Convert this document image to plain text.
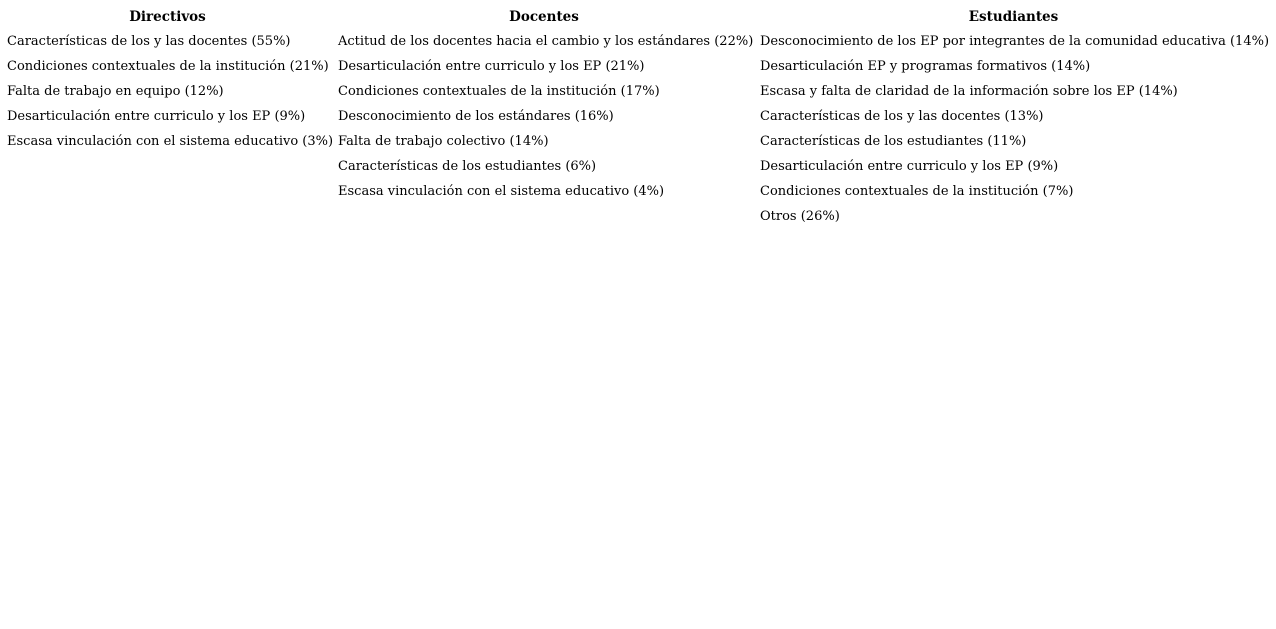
Directivos	Docentes	Estudiantes
Características de los y las docentes (55%)	Actitud de los docentes hacia el cambio y los estándares (22%)	Desconocimiento de los EP por integrantes de la comunidad educativa (14%)
Condiciones contextuales de la institución (21%)	Desarticulación entre curriculo y los EP (21%)	Desarticulación EP y programas formativos (14%)
Falta de trabajo en equipo (12%)	Condiciones contextuales de la institución (17%)	Escasa y falta de claridad de la información sobre los EP (14%)
Desarticulación entre curriculo y los EP (9%)	Desconocimiento de los estándares (16%)	Características de los y las docentes (13%)
Escasa vinculación con el sistema educativo (3%)	Falta de trabajo colectivo (14%)	Características de los estudiantes (11%)
	Características de los estudiantes (6%)	Desarticulación entre curriculo y los EP (9%)
	Escasa vinculación con el sistema educativo (4%)	Condiciones contextuales de la institución (7%)
		Otros (26%)
